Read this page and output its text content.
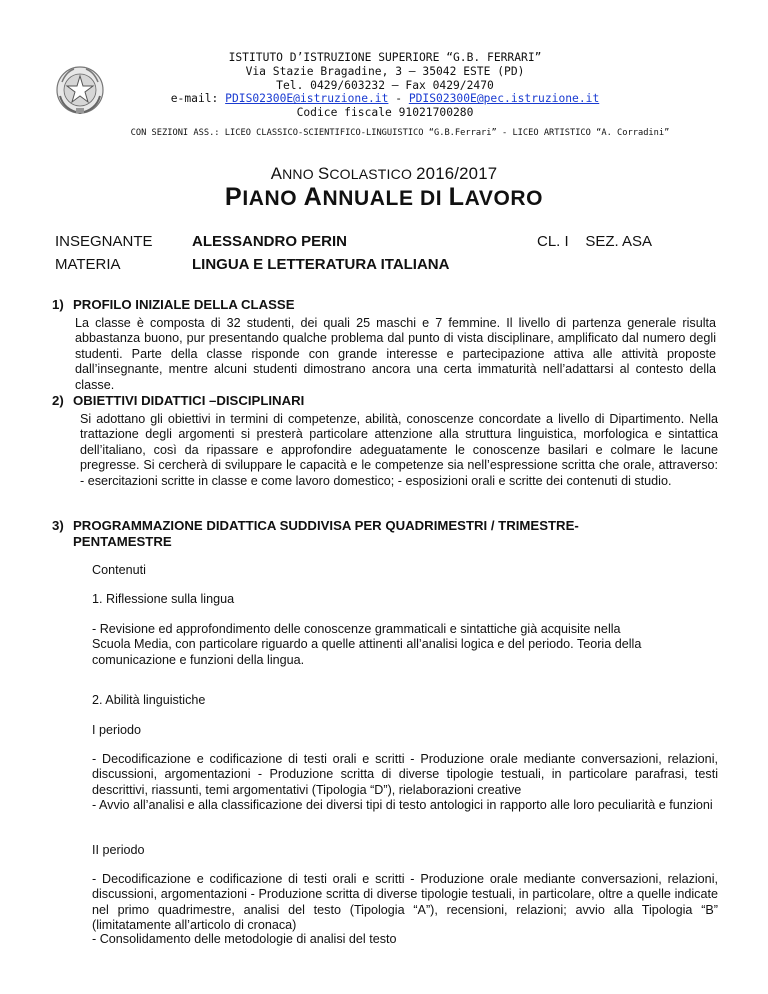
ISTITUTO D’ISTRUZIONE SUPERIORE “G.B. FERRARI”
Via Stazie Bragadine, 3 – 35042 ESTE (PD)
Tel. 0429/603232 – Fax 0429/2470
e-mail: PDIS02300E@istruzione.it - PDIS02300E@pec.istruzione.it
Codice fiscale 91021700280
CON SEZIONI ASS.: LICEO CLASSICO-SCIENTIFICO-LINGUISTICO “G.B.Ferrari” - LICEO ARTISTICO “A. Corradini”
ANNO SCOLASTICO 2016/2017
PIANO ANNUALE DI LAVORO
INSEGNANTE	ALESSANDRO PERIN
MATERIA	LINGUA E LETTERATURA ITALIANA
CL. I    SEZ. ASA
1) PROFILO INIZIALE DELLA CLASSE
La classe è composta di 32 studenti, dei quali 25 maschi e 7 femmine. Il livello di partenza generale risulta abbastanza buono, pur presentando qualche problema dal punto di vista disciplinare, amplificato dal numero degli studenti. Parte della classe risponde con grande interesse e partecipazione attiva alle attività proposte dall’insegnante, mentre alcuni studenti dimostrano ancora una certa immaturità nell’adattarsi al contesto della classe.
2) OBIETTIVI DIDATTICI –DISCIPLINARI
Si adottano gli obiettivi in termini di competenze, abilità, conoscenze concordate a livello di Dipartimento. Nella trattazione degli argomenti si presterà particolare attenzione alla struttura linguistica, morfologica e sintattica dell’italiano, così da ripassare e approfondire adeguatamente le conoscenze basilari e colmare le lacune pregresse. Si cercherà di sviluppare le capacità e le competenze sia nell’espressione scritta che orale, attraverso: - esercitazioni scritte in classe e come lavoro domestico; - esposizioni orali e scritte dei contenuti di studio.
3) PROGRAMMAZIONE DIDATTICA SUDDIVISA PER QUADRIMESTRI / TRIMESTRE-
PENTAMESTRE
Contenuti
1. Riflessione sulla lingua
- Revisione ed approfondimento delle conoscenze grammaticali e sintattiche già acquisite nella Scuola Media, con particolare riguardo a quelle attinenti all’analisi logica e del periodo. Teoria della comunicazione e funzioni della lingua.
2. Abilità linguistiche
I periodo
- Decodificazione e codificazione di testi orali e scritti - Produzione orale mediante conversazioni, relazioni, discussioni, argomentazioni - Produzione scritta di diverse tipologie testuali, in particolare parafrasi, testi descrittivi, riassunti, temi argomentativi (Tipologia “D”), rielaborazioni creative
- Avvio all’analisi e alla classificazione dei diversi tipi di testo antologici in rapporto alle loro peculiarità e funzioni
II periodo
- Decodificazione e codificazione di testi orali e scritti - Produzione orale mediante conversazioni, relazioni, discussioni, argomentazioni - Produzione scritta di diverse tipologie testuali, in particolare, oltre a quelle indicate nel primo quadrimestre, analisi del testo (Tipologia “A”), recensioni, relazioni; avvio alla Tipologia “B” (limitatamente all’articolo di cronaca)
- Consolidamento delle metodologie di analisi del testo
